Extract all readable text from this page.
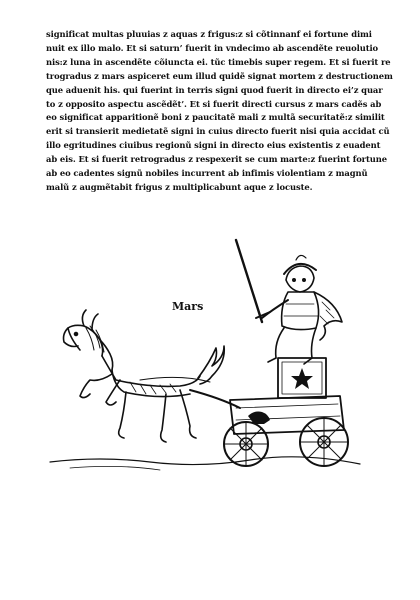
significat multas pluuias z aquas z frigus:z si cõtinnanf ei fortune dimi
nuit ex illo malo. Et si saturn’ fuerit in vndecimo ab ascendẽte reuolutio
nis:z luna in ascendẽte cõiuncta ei. tũc timebis super regem. Et si fuerit re
trogradus z mars aspiceret eum illud quidẽ signat mortem z destructionem
que aduenit his. qui fuerint in terris signi quod fuerit in directo ei’z quar
to z opposito aspectu ascẽdẽt’. Et si fuerit directi cursus z mars cadẽs ab
eo significat apparitionẽ boni z paucitatẽ mali z multã securitatẽ:z similit
erit si transierit medietatẽ signi in cuius directo fuerit nisi quia accidat cũ
illo egritudines ciuibus regionũ signi in directo eius existentis z euadent
ab eis. Et si fuerit retrogradus z respexerit se cum marte:z fuerint fortune
ab eo cadentes signũ nobiles incurrent ab infimis violentiam z magnũ
malũ z augmẽtabit frigus z multiplicabunt aque z locuste.
Mars
